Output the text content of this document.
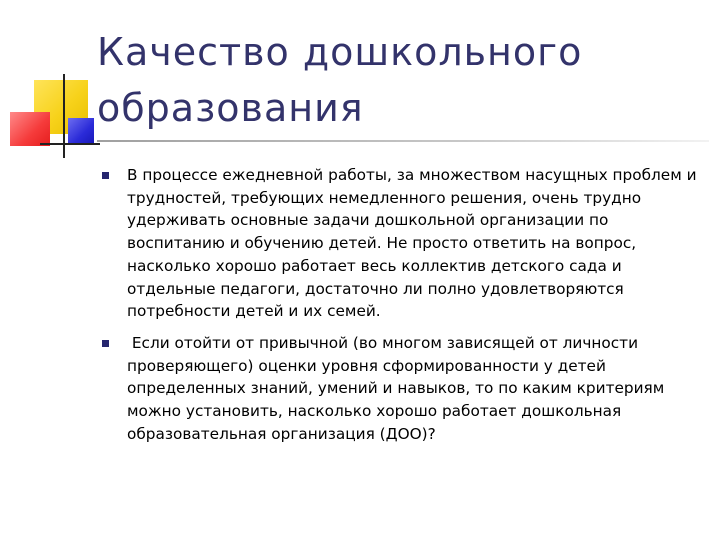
Качество дошкольного образования
В процессе ежедневной работы, за множеством насущных проблем и трудностей, требующих немедленного решения, очень трудно удерживать основные задачи дошкольной организации по воспитанию и обучению детей. Не просто ответить на вопрос, насколько хорошо работает весь коллектив детского сада и отдельные педагоги, достаточно ли полно удовлетворяются потребности детей и их семей.
Если отойти от привычной (во многом зависящей от личности проверяющего) оценки уровня сформированности у детей определенных знаний, умений и навыков, то по каким критериям можно установить, насколько хорошо работает дошкольная образовательная организация (ДОО)?
